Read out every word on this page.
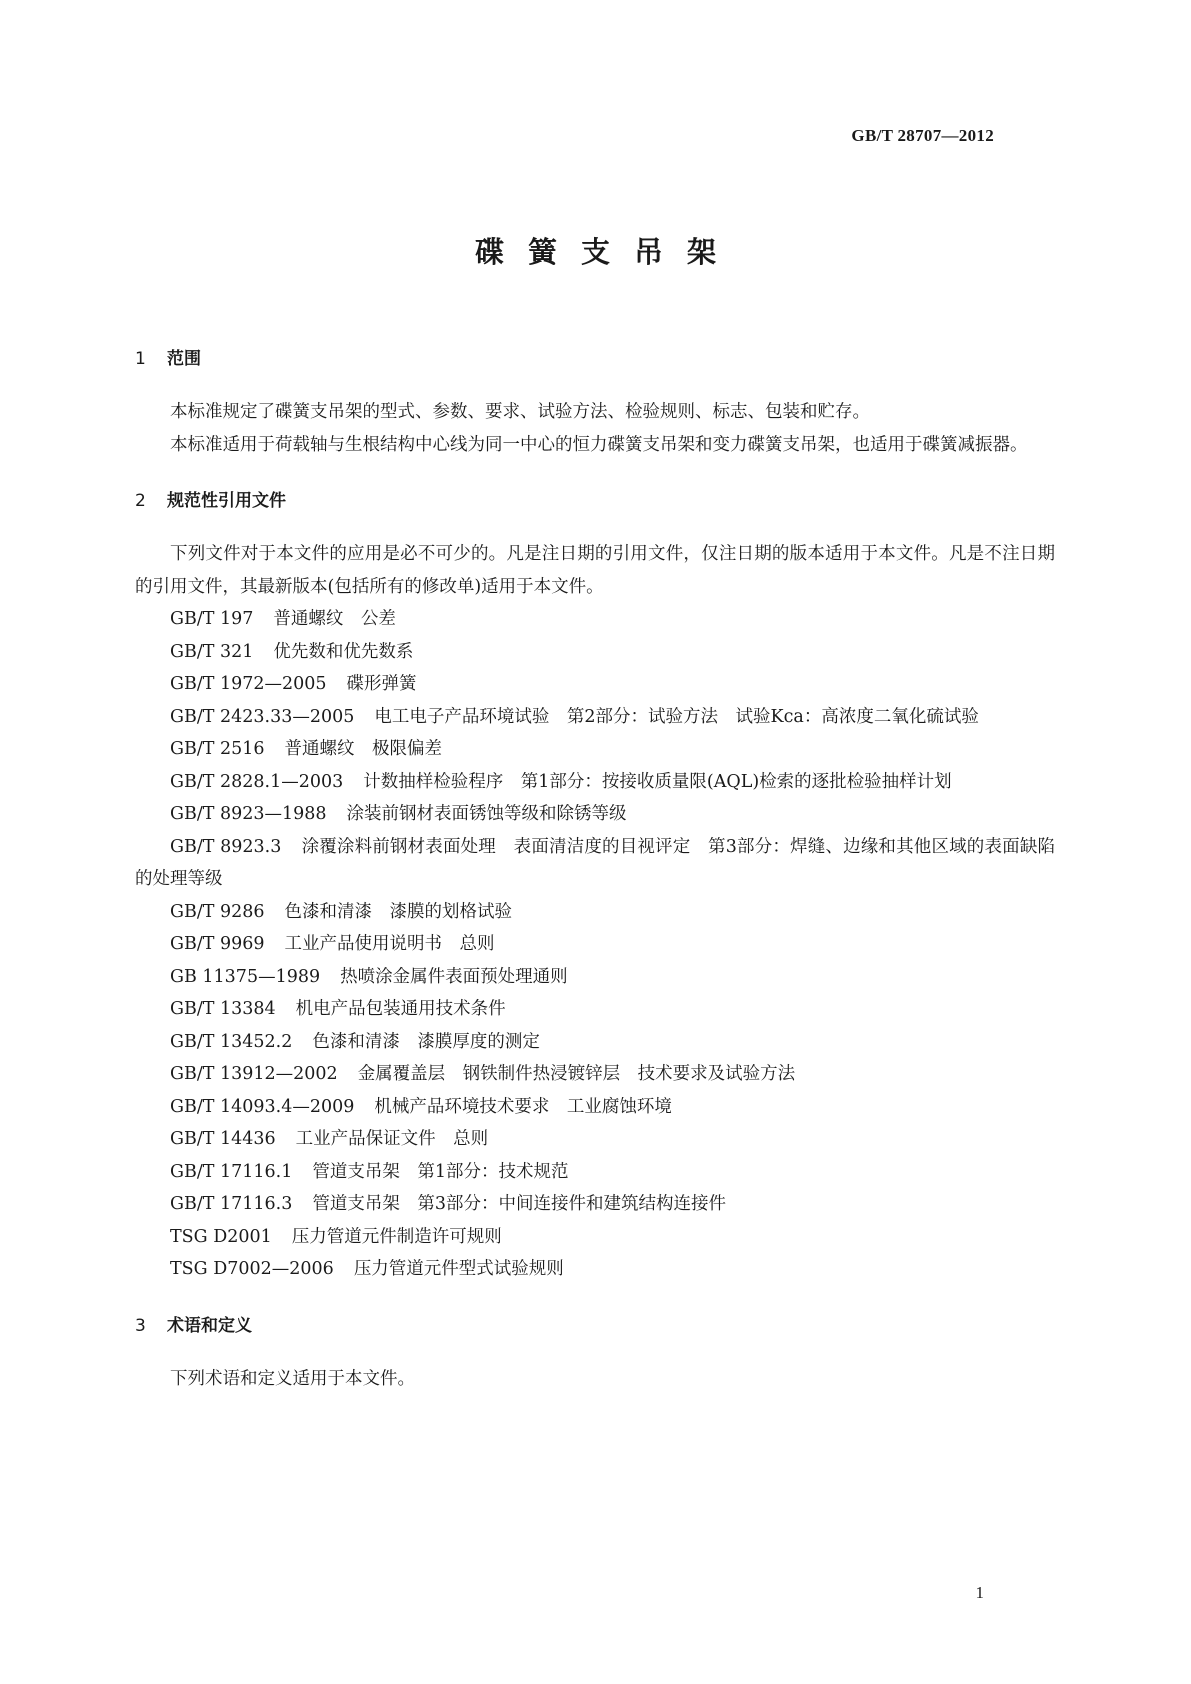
GB/T 28707—2012
碟簧支吊架
1 范围

本标准规定了碟簧支吊架的型式、参数、要求、试验方法、检验规则、标志、包装和贮存。

本标准适用于荷载轴与生根结构中心线为同一中心的恒力碟簧支吊架和变力碟簧支吊架，也适用于碟簧减振器。

2 规范性引用文件

下列文件对于本文件的应用是必不可少的。凡是注日期的引用文件，仅注日期的版本适用于本文件。凡是不注日期的引用文件，其最新版本(包括所有的修改单)适用于本文件。

GB/T 197 普通螺纹　公差

GB/T 321 优先数和优先数系

GB/T 1972—2005 碟形弹簧

GB/T 2423.33—2005 电工电子产品环境试验　第2部分：试验方法　试验Kca：高浓度二氧化硫试验

GB/T 2516 普通螺纹　极限偏差

GB/T 2828.1—2003 计数抽样检验程序　第1部分：按接收质量限(AQL)检索的逐批检验抽样计划

GB/T 8923—1988 涂装前钢材表面锈蚀等级和除锈等级

GB/T 8923.3 涂覆涂料前钢材表面处理　表面清洁度的目视评定　第3部分：焊缝、边缘和其他区域的表面缺陷的处理等级

GB/T 9286 色漆和清漆　漆膜的划格试验

GB/T 9969 工业产品使用说明书　总则

GB 11375—1989 热喷涂金属件表面预处理通则

GB/T 13384 机电产品包装通用技术条件

GB/T 13452.2 色漆和清漆　漆膜厚度的测定

GB/T 13912—2002 金属覆盖层　钢铁制件热浸镀锌层　技术要求及试验方法

GB/T 14093.4—2009 机械产品环境技术要求　工业腐蚀环境

GB/T 14436 工业产品保证文件　总则

GB/T 17116.1 管道支吊架　第1部分：技术规范

GB/T 17116.3 管道支吊架　第3部分：中间连接件和建筑结构连接件

TSG D2001 压力管道元件制造许可规则

TSG D7002—2006 压力管道元件型式试验规则

3 术语和定义

下列术语和定义适用于本文件。

1
